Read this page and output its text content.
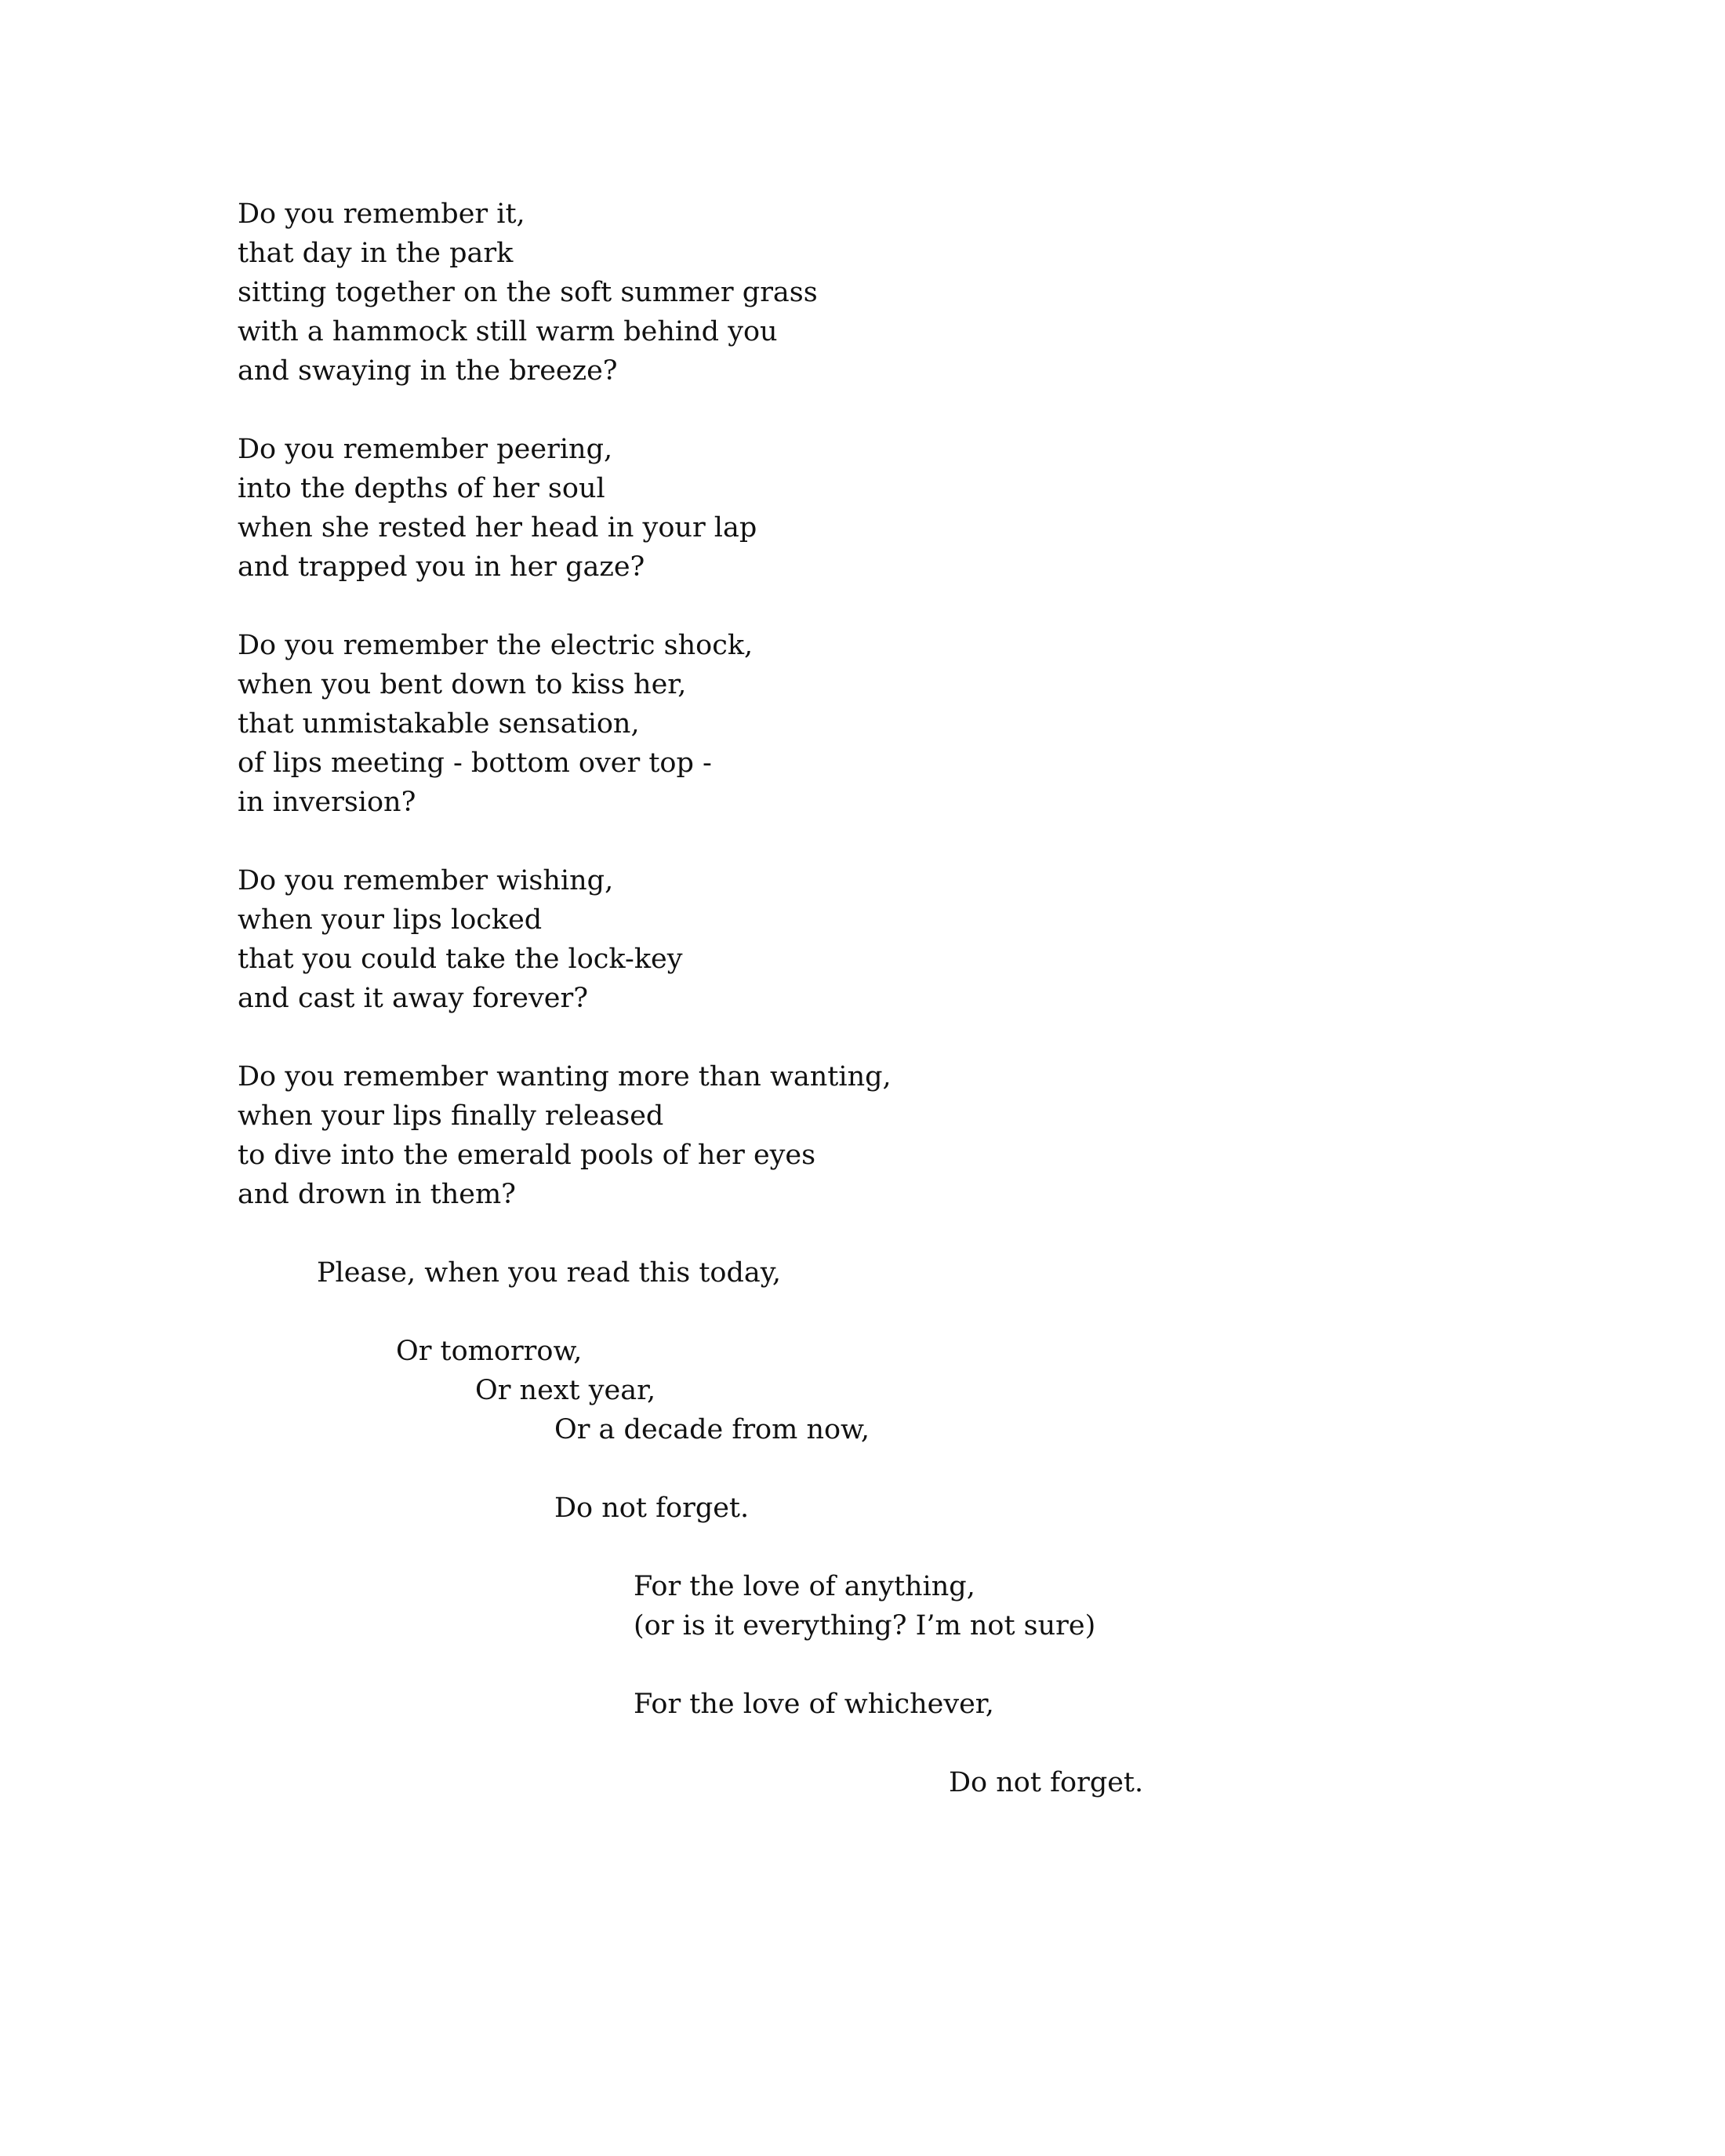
Do you remember it,
that day in the park
sitting together on the soft summer grass
with a hammock still warm behind you
and swaying in the breeze?
Do you remember peering,
into the depths of her soul
when she rested her head in your lap
and trapped you in her gaze?
Do you remember the electric shock,
when you bent down to kiss her,
that unmistakable sensation,
of lips meeting - bottom over top -
in inversion?
Do you remember wishing,
when your lips locked
that you could take the lock-key
and cast it away forever?
Do you remember wanting more than wanting,
when your lips finally released
to dive into the emerald pools of her eyes
and drown in them?
Please, when you read this today,
Or tomorrow,
Or next year,
Or a decade from now,
Do not forget.
For the love of anything,
(or is it everything? I’m not sure)
For the love of whichever,
Do not forget.
